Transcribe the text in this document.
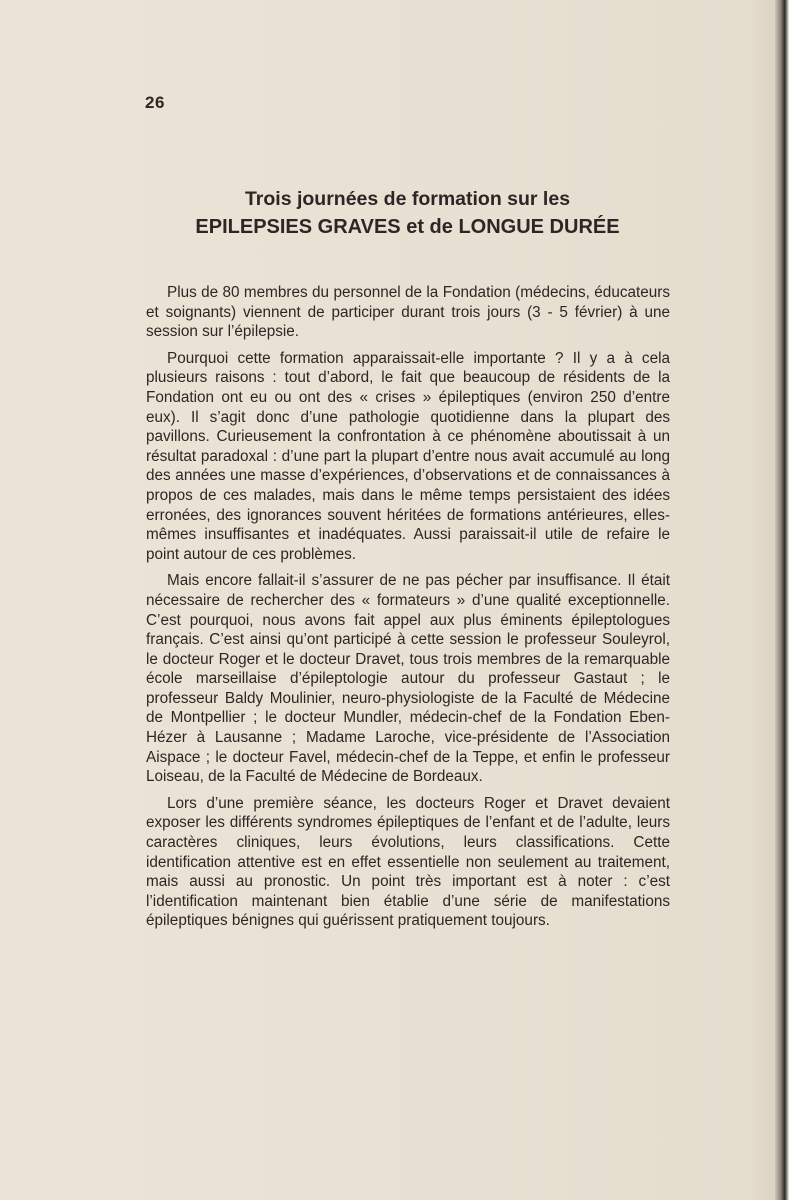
26
Trois journées de formation sur les
EPILEPSIES GRAVES et de LONGUE DURÉE

Plus de 80 membres du personnel de la Fondation (médecins, éducateurs et soignants) viennent de participer durant trois jours (3 - 5 février) à une session sur l’épilepsie.

Pourquoi cette formation apparaissait-elle importante ? Il y a à cela plusieurs raisons : tout d’abord, le fait que beaucoup de résidents de la Fondation ont eu ou ont des « crises » épileptiques (environ 250 d’entre eux). Il s’agit donc d’une pathologie quotidienne dans la plupart des pavillons. Curieusement la confrontation à ce phénomène aboutissait à un résultat paradoxal : d’une part la plupart d’entre nous avait accumulé au long des années une masse d’expériences, d’observations et de connaissances à propos de ces malades, mais dans le même temps persistaient des idées erronées, des ignorances souvent héritées de formations antérieures, elles-mêmes insuffisantes et inadéquates. Aussi paraissait-il utile de refaire le point autour de ces problèmes.

Mais encore fallait-il s’assurer de ne pas pécher par insuffisance. Il était nécessaire de rechercher des « formateurs » d’une qualité exceptionnelle. C’est pourquoi, nous avons fait appel aux plus éminents épileptologues français. C’est ainsi qu’ont participé à cette session le professeur Souleyrol, le docteur Roger et le docteur Dravet, tous trois membres de la remarquable école marseillaise d’épileptologie autour du professeur Gastaut ; le professeur Baldy Moulinier, neuro-physiologiste de la Faculté de Médecine de Montpellier ; le docteur Mundler, médecin-chef de la Fondation Eben-Hézer à Lausanne ; Madame Laroche, vice-présidente de l’Association Aispace ; le docteur Favel, médecin-chef de la Teppe, et enfin le professeur Loiseau, de la Faculté de Médecine de Bordeaux.

Lors d’une première séance, les docteurs Roger et Dravet devaient exposer les différents syndromes épileptiques de l’enfant et de l’adulte, leurs caractères cliniques, leurs évolutions, leurs classifications. Cette identification attentive est en effet essentielle non seulement au traitement, mais aussi au pronostic. Un point très important est à noter : c’est l’identification maintenant bien établie d’une série de manifestations épileptiques bénignes qui guérissent pratiquement toujours.
